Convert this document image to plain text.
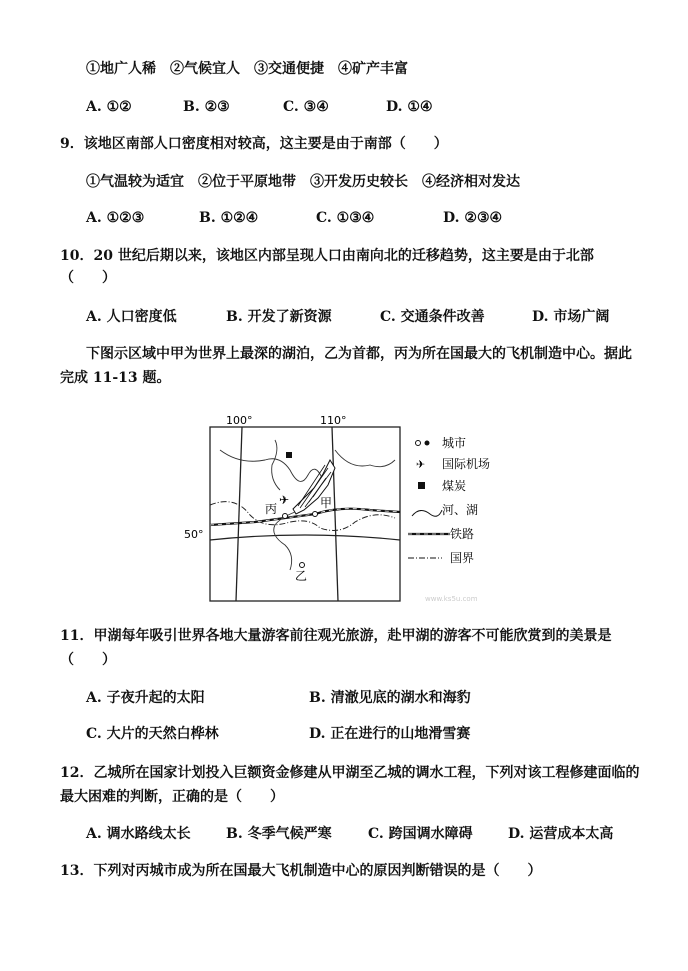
①地广人稀　②气候宜人　③交通便捷　④矿产丰富
A. ①②	B. ②③	C. ③④	D. ①④
9．该地区南部人口密度相对较高，这主要是由于南部（　　）
①气温较为适宜　②位于平原地带　③开发历史较长　④经济相对发达
A. ①②③	B. ①②④	C. ①③④	D. ②③④
10．20 世纪后期以来，该地区内部呈现人口由南向北的迁移趋势，这主要是由于北部
（　　）
A. 人口密度低	B. 开发了新资源	C. 交通条件改善	D. 市场广阔
下图示区域中甲为世界上最深的湖泊，乙为首都，丙为所在国最大的飞机制造中心。据此
完成 11-13 题。
100°	110°
50°
✈
丙	甲
乙
城市
✈ 国际机场
煤炭
河、湖
铁路
国界
www.ks5u.com
11．甲湖每年吸引世界各地大量游客前往观光旅游，赴甲湖的游客不可能欣赏到的美景是
（　　）
A. 子夜升起的太阳	B. 清澈见底的湖水和海豹
C. 大片的天然白桦林	D. 正在进行的山地滑雪赛
12．乙城所在国家计划投入巨额资金修建从甲湖至乙城的调水工程，下列对该工程修建面临的
最大困难的判断，正确的是（　　）
A. 调水路线太长	B. 冬季气候严寒	C. 跨国调水障碍	D. 运营成本太高
13．下列对丙城市成为所在国最大飞机制造中心的原因判断错误的是（　　）
